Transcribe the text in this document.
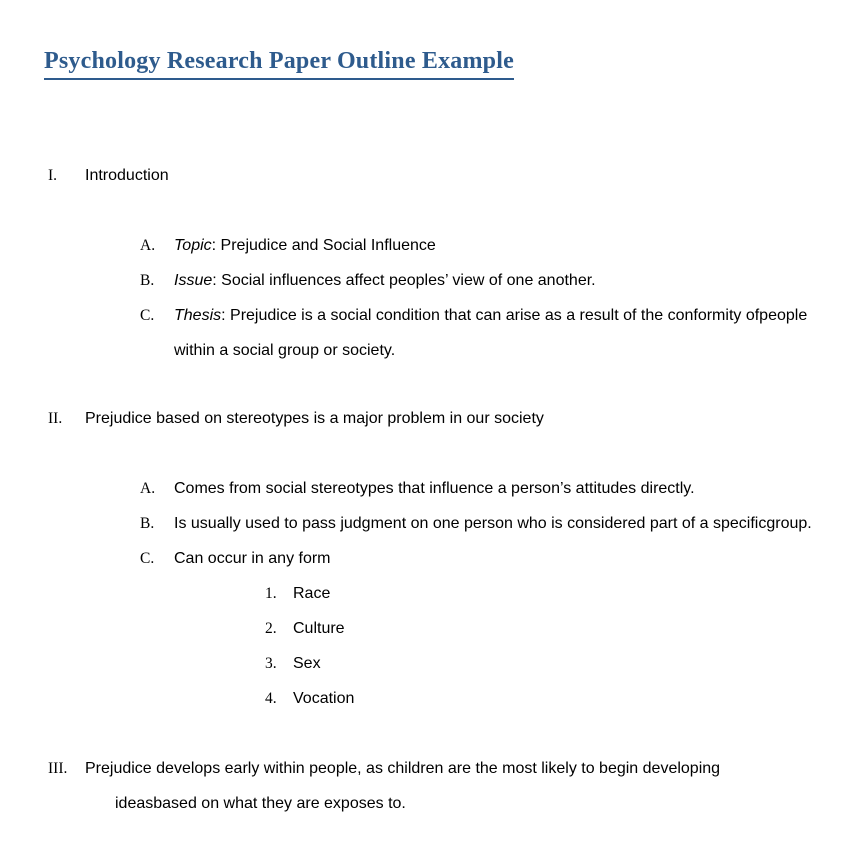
Psychology Research Paper Outline Example
I.	Introduction
A.	Topic: Prejudice and Social Influence
B.	Issue: Social influences affect peoples’ view of one another.
C.	Thesis: Prejudice is a social condition that can arise as a result of the conformity ofpeople within a social group or society.
II.	Prejudice based on stereotypes is a major problem in our society
A.	Comes from social stereotypes that influence a person’s attitudes directly.
B.	Is usually used to pass judgment on one person who is considered part of a specificgroup.
C.	Can occur in any form
1.	Race
2.	Culture
3.	Sex
4.	Vocation
III.	Prejudice develops early within people, as children are the most likely to begin developing ideasbased on what they are exposes to.
